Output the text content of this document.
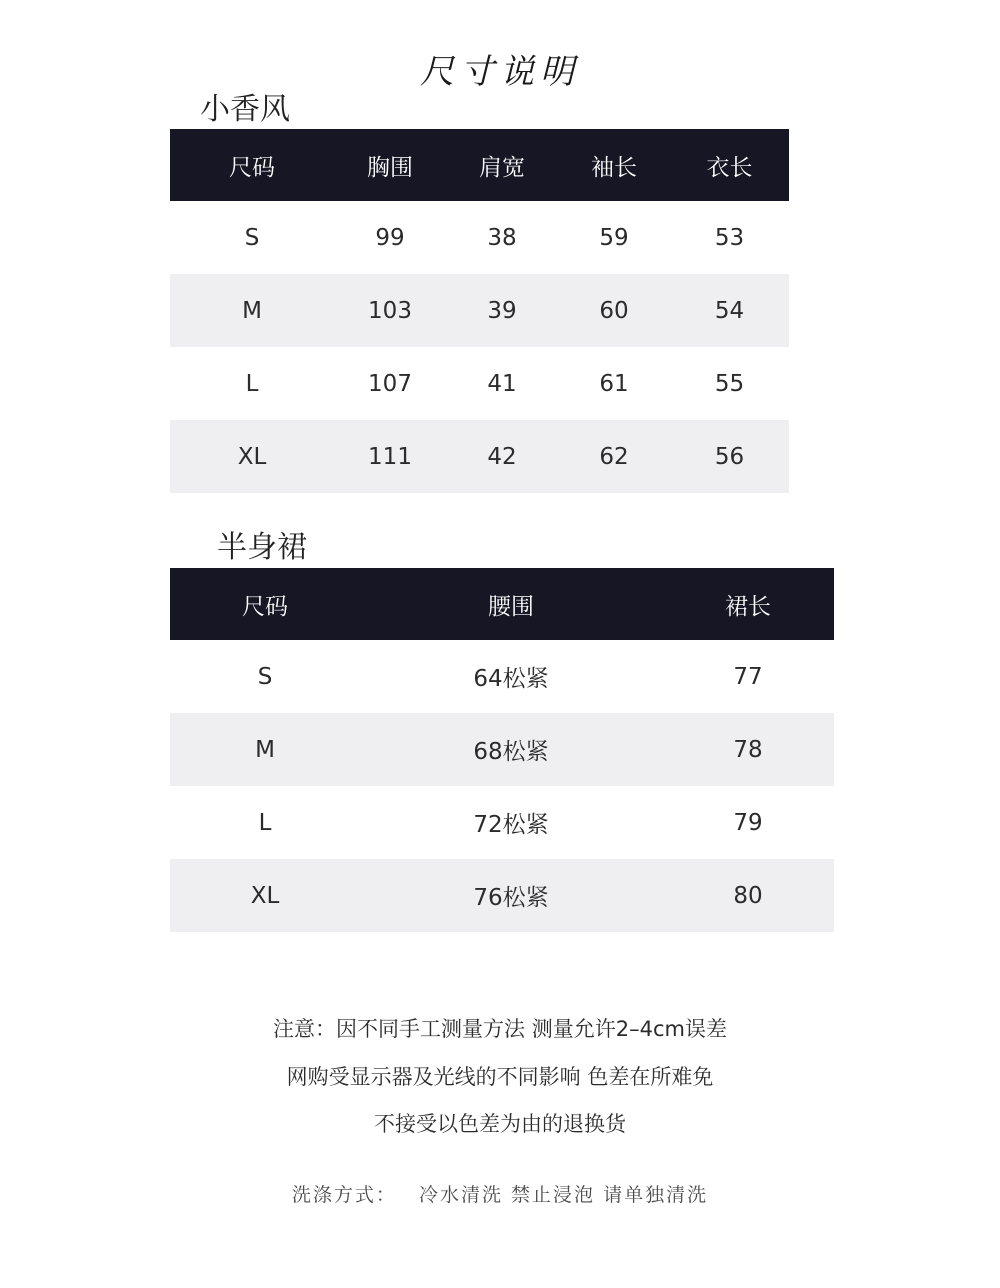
尺寸说明
小香风
尺码	胸围	肩宽	袖长	衣长
S	99	38	59	53
M	103	39	60	54
L	107	41	61	55
XL	111	42	62	56
半身裙
尺码	腰围	裙长
S	64松紧	77
M	68松紧	78
L	72松紧	79
XL	76松紧	80
注意：因不同手工测量方法 测量允许2–4cm误差
网购受显示器及光线的不同影响 色差在所难免
不接受以色差为由的退换货
洗涤方式： 冷水清洗 禁止浸泡 请单独清洗
